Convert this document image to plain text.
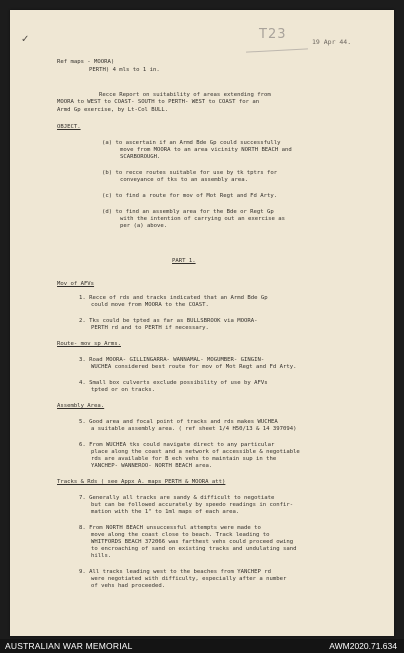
✓	T23	19 Apr 44.
Ref maps - MOORA)
PERTH) 4 mls to 1 in.
Recce Report on suitability of areas extending from
MOORA to WEST to COAST- SOUTH to PERTH- WEST to COAST for an
Armd Gp exercise, by Lt-Col BULL.
OBJECT.
(a) to ascertain if an Armd Bde Gp could successfully
move from MOORA to an area vicinity NORTH BEACH and
SCARBOROUGH.
(b) to recce routes suitable for use by tk tptrs for
conveyance of tks to an assembly area.
(c) to find a route for mov of Mot Regt and Fd Arty.
(d) to find an assembly area for the Bde or Regt Gp
with the intention of carrying out an exercise as
per (a) above.
PART 1.
Mov of AFVs
1. Recce of rds and tracks indicated that an Armd Bde Gp
could move from MOORA to the COAST.
2. Tks could be tpted as far as BULLSBROOK via MOORA-
PERTH rd and to PERTH if necessary.
Route- mov sp Arms.
3. Road MOORA- GILLINGARRA- WANNAMAL- MOGUMBER- GINGIN-
WUCHEA considered best route for mov of Mot Regt and Fd Arty.
4. Small box culverts exclude possibility of use by AFVs
tpted or on tracks.
Assembly Area.
5. Good area and focal point of tracks and rds makes WUCHEA
a suitable assembly area. ( ref sheet 1/4 H50/13 & 14 397094)
6. From WUCHEA tks could navigate direct to any particular
place along the coast and a network of accessible & negotiable
rds are available for B ech vehs to maintain sup in the
YANCHEP- WANNEROO- NORTH BEACH area.
Tracks & Rds ( see Appx A. maps PERTH & MOORA att)
7. Generally all tracks are sandy & difficult to negotiate
but can be followed accurately by speedo readings in confir-
mation with the 1" to 1ml maps of each area.
8. From NORTH BEACH unsuccessful attempts were made to
move along the coast close to beach. Track leading to
WHITFORDS BEACH 372066 was farthest vehs could proceed owing
to encroaching of sand on existing tracks and undulating sand
hills.
9. All tracks leading west to the beaches from YANCHEP rd
were negotiated with difficulty, especially after a number
of vehs had proceeded.
AUSTRALIAN WAR MEMORIAL	AWM2020.71.634
